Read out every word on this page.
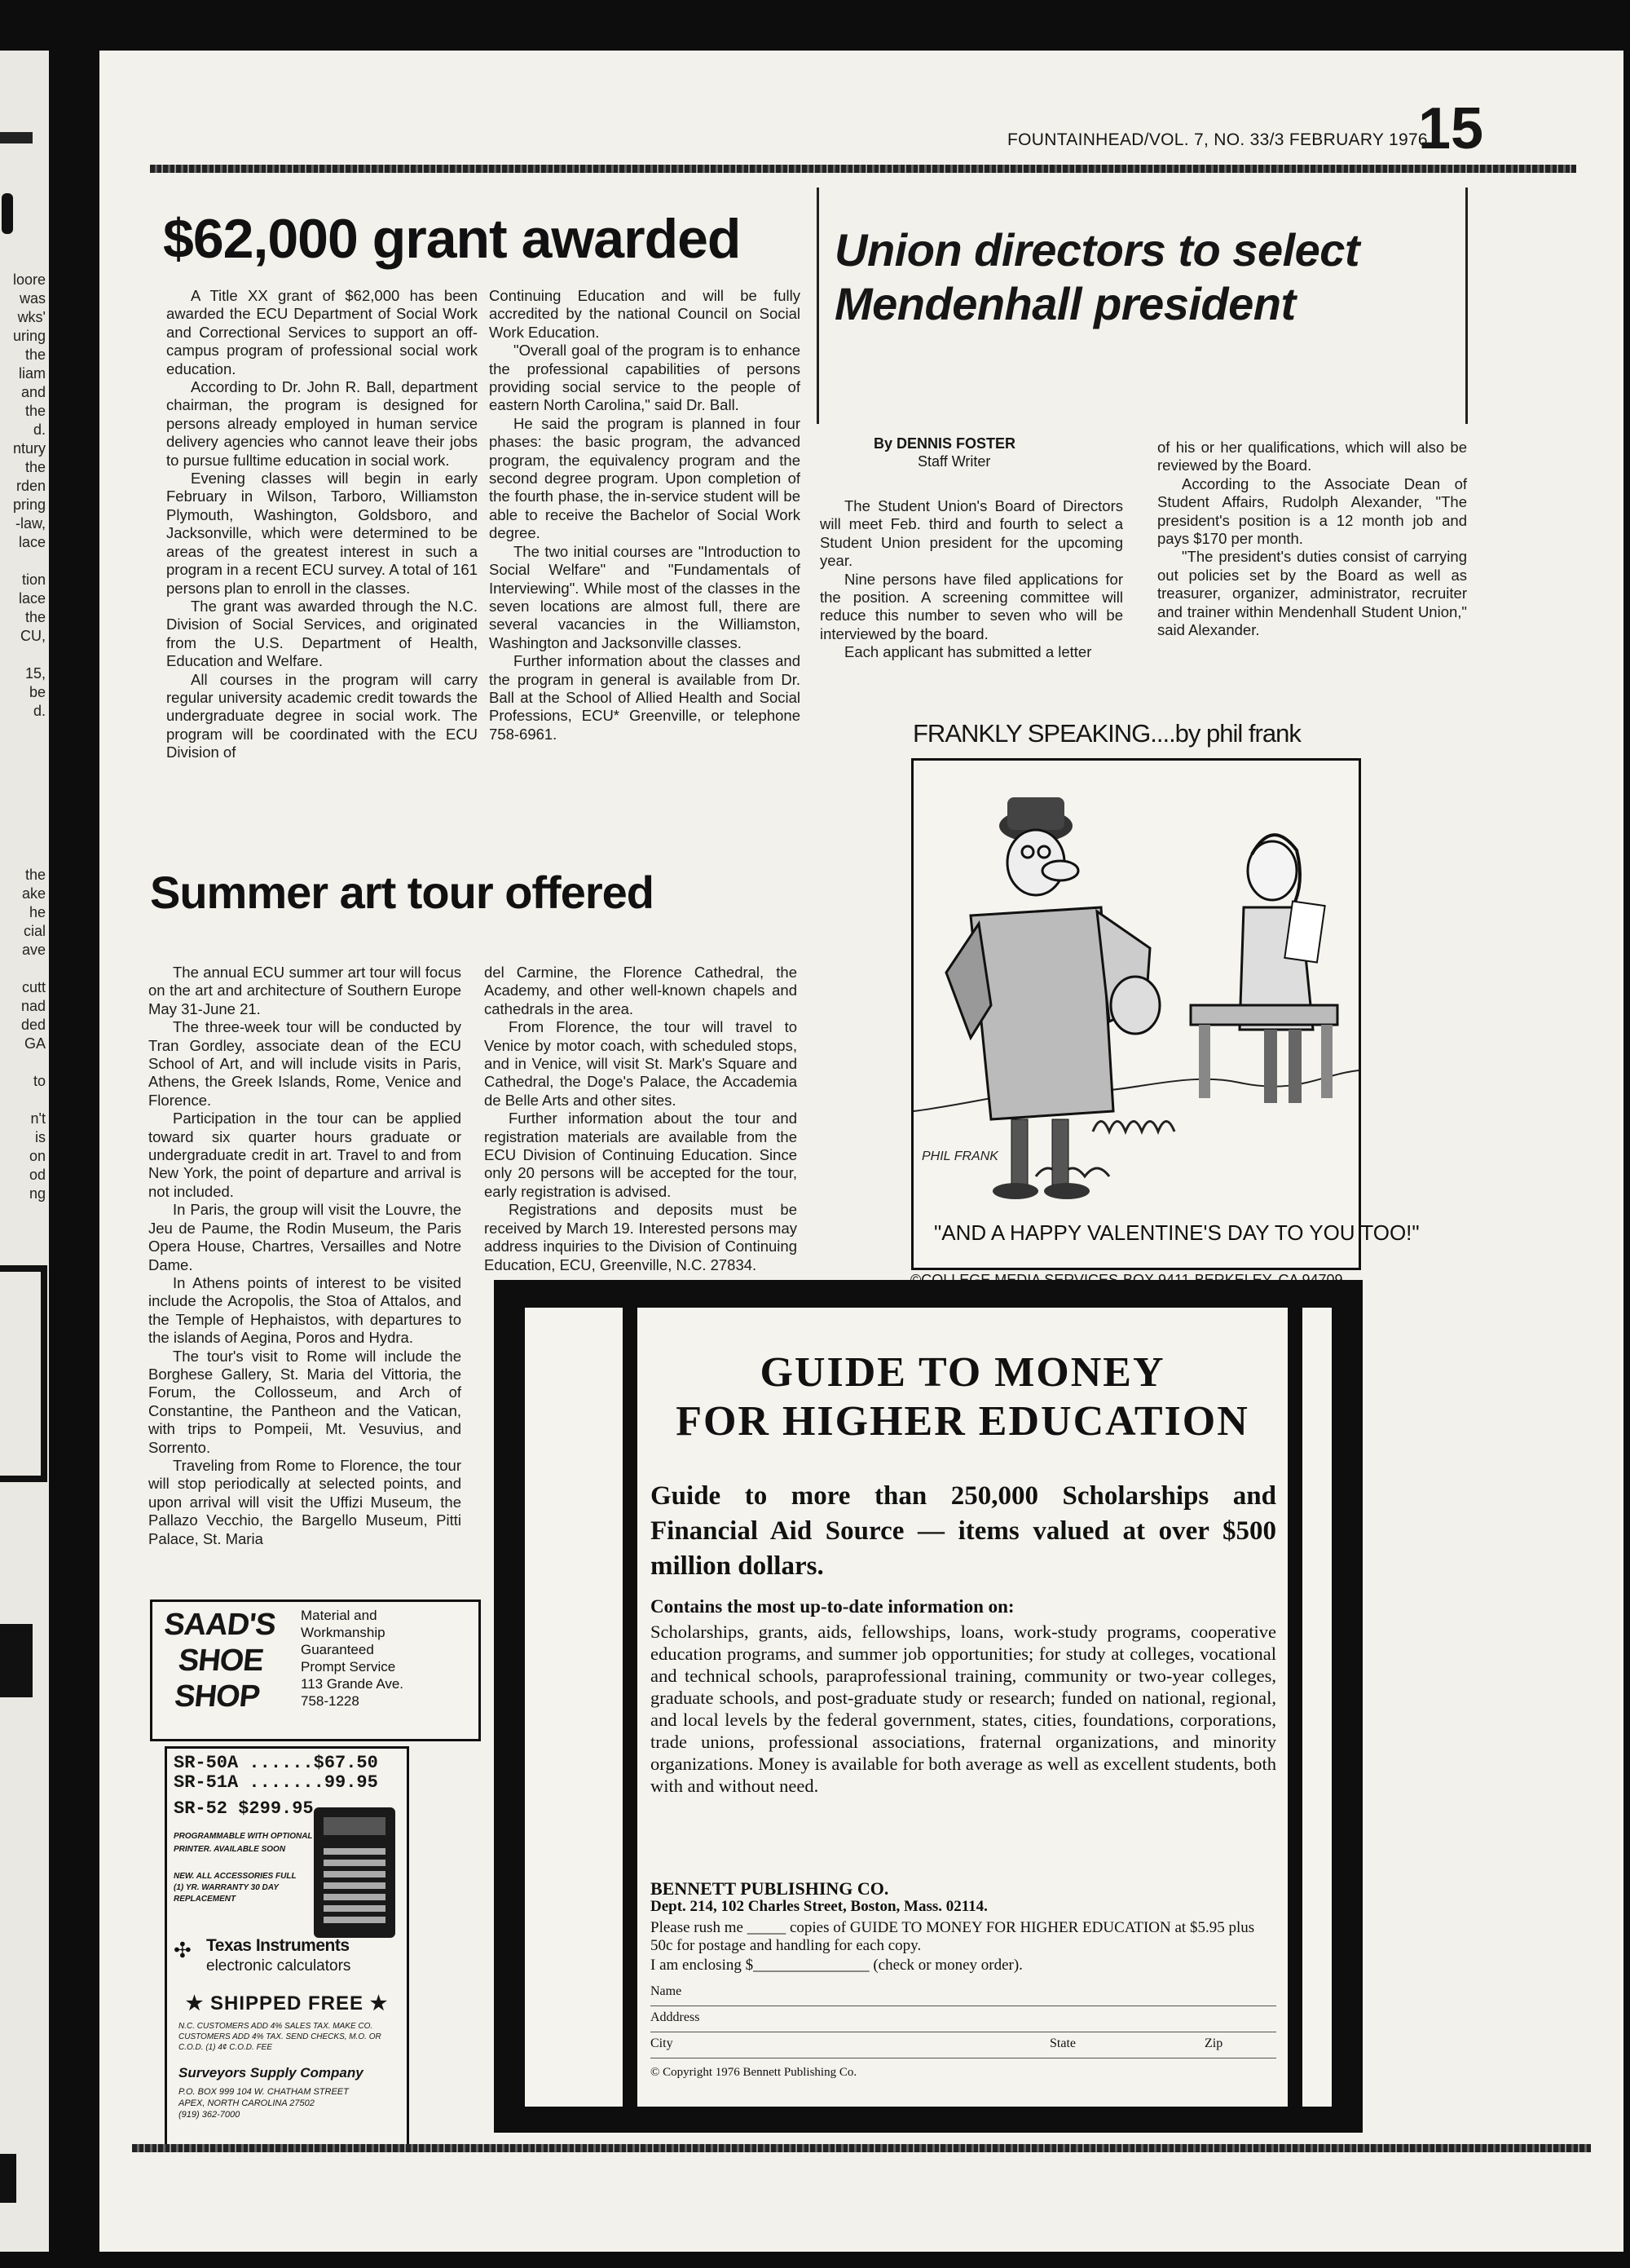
loore
was
wks'
uring
the
liam
and
the
d.
ntury
the
rden
pring
-law,
lace
tion
lace
the
CU,
15,
be
d.
the
ake
he
cial
ave
cutt
nad
ded
GA
to
n't
is
on
od
ng
FOUNTAINHEAD/VOL. 7, NO. 33/3 FEBRUARY 1976
15
$62,000 grant awarded

A Title XX grant of $62,000 has been awarded the ECU Department of Social Work and Correctional Services to support an off-campus program of professional social work education.

According to Dr. John R. Ball, department chairman, the program is designed for persons already employed in human service delivery agencies who cannot leave their jobs to pursue fulltime education in social work.

Evening classes will begin in early February in Wilson, Tarboro, Williamston Plymouth, Washington, Goldsboro, and Jacksonville, which were determined to be areas of the greatest interest in such a program in a recent ECU survey. A total of 161 persons plan to enroll in the classes.

The grant was awarded through the N.C. Division of Social Services, and originated from the U.S. Department of Health, Education and Welfare.

All courses in the program will carry regular university academic credit towards the undergraduate degree in social work. The program will be coordinated with the ECU Division of

Continuing Education and will be fully accredited by the national Council on Social Work Education.

"Overall goal of the program is to enhance the professional capabilities of persons providing social service to the people of eastern North Carolina," said Dr. Ball.

He said the program is planned in four phases: the basic program, the advanced program, the equivalency program and the second degree program. Upon completion of the fourth phase, the in-service student will be able to receive the Bachelor of Social Work degree.

The two initial courses are "Introduction to Social Welfare" and "Fundamentals of Interviewing". While most of the classes in the seven locations are almost full, there are several vacancies in the Williamston, Washington and Jacksonville classes.

Further information about the classes and the program in general is available from Dr. Ball at the School of Allied Health and Social Professions, ECU* Greenville, or telephone 758-6961.

Union directors to select
Mendenhall president
By DENNIS FOSTER
Staff Writer

The Student Union's Board of Directors will meet Feb. third and fourth to select a Student Union president for the upcoming year.

Nine persons have filed applications for the position. A screening committee will reduce this number to seven who will be interviewed by the board.

Each applicant has submitted a letter

of his or her qualifications, which will also be reviewed by the Board.

According to the Associate Dean of Student Affairs, Rudolph Alexander, "The president's position is a 12 month job and pays $170 per month.

"The president's duties consist of carrying out policies set by the Board as well as treasurer, organizer, administrator, recruiter and trainer within Mendenhall Student Union," said Alexander.

FRANKLY SPEAKING....by phil frank
PHIL FRANK
"AND A HAPPY VALENTINE'S DAY TO YOU TOO!"
Summer art tour offered

The annual ECU summer art tour will focus on the art and architecture of Southern Europe May 31-June 21.

The three-week tour will be conducted by Tran Gordley, associate dean of the ECU School of Art, and will include visits in Paris, Athens, the Greek Islands, Rome, Venice and Florence.

Participation in the tour can be applied toward six quarter hours graduate or undergraduate credit in art. Travel to and from New York, the point of departure and arrival is not included.

In Paris, the group will visit the Louvre, the Jeu de Paume, the Rodin Museum, the Paris Opera House, Chartres, Versailles and Notre Dame.

In Athens points of interest to be visited include the Acropolis, the Stoa of Attalos, and the Temple of Hephaistos, with departures to the islands of Aegina, Poros and Hydra.

The tour's visit to Rome will include the Borghese Gallery, St. Maria del Vittoria, the Forum, the Collosseum, and Arch of Constantine, the Pantheon and the Vatican, with trips to Pompeii, Mt. Vesuvius, and Sorrento.

Traveling from Rome to Florence, the tour will stop periodically at selected points, and upon arrival will visit the Uffizi Museum, the Pallazo Vecchio, the Bargello Museum, Pitti Palace, St. Maria

del Carmine, the Florence Cathedral, the Academy, and other well-known chapels and cathedrals in the area.

From Florence, the tour will travel to Venice by motor coach, with scheduled stops, and in Venice, will visit St. Mark's Square and Cathedral, the Doge's Palace, the Accademia de Belle Arts and other sites.

Further information about the tour and registration materials are available from the ECU Division of Continuing Education. Since only 20 persons will be accepted for the tour, early registration is advised.

Registrations and deposits must be received by March 19. Interested persons may address inquiries to the Division of Continuing Education, ECU, Greenville, N.C. 27834.

SAAD'S
SHOE
SHOP
Material and
Workmanship
Guaranteed
Prompt Service
113 Grande Ave.
758-1228
SR-50A ......$67.50
SR-51A .......99.95
SR-52 $299.95
PROGRAMMABLE WITH OPTIONAL
PRINTER. AVAILABLE SOON
NEW. ALL ACCESSORIES FULL (1) YR. WARRANTY 30 DAY REPLACEMENT
✣ Texas Instruments
electronic calculators
★ SHIPPED FREE ★
N.C. CUSTOMERS ADD 4% SALES TAX. MAKE CO. CUSTOMERS ADD 4% TAX. SEND CHECKS, M.O. OR C.O.D. (1) 4¢ C.O.D. FEE
Surveyors Supply Company
P.O. BOX 999 104 W. CHATHAM STREET
APEX, NORTH CAROLINA 27502
(919) 362-7000
GUIDE TO MONEY
FOR HIGHER EDUCATION
Guide to more than 250,000 Scholarships and Financial Aid Source — items valued at over $500 million dollars.
Contains the most up-to-date information on:
Scholarships, grants, aids, fellowships, loans, work-study programs, cooperative education programs, and summer job opportunities; for study at colleges, vocational and technical schools, paraprofessional training, community or two-year colleges, graduate schools, and post-graduate study or research; funded on national, regional, and local levels by the federal government, states, cities, foundations, corporations, trade unions, professional associations, fraternal organizations, and minority organizations. Money is available for both average as well as excellent students, both with and without need.
BENNETT PUBLISHING CO.
Dept. 214, 102 Charles Street, Boston, Mass. 02114.
Please rush me _____ copies of GUIDE TO MONEY FOR HIGHER EDUCATION at $5.95 plus 50c for postage and handling for each copy.
I am enclosing $_______________ (check or money order).
Name
Adddress
City	State	Zip
© Copyright 1976 Bennett Publishing Co.
